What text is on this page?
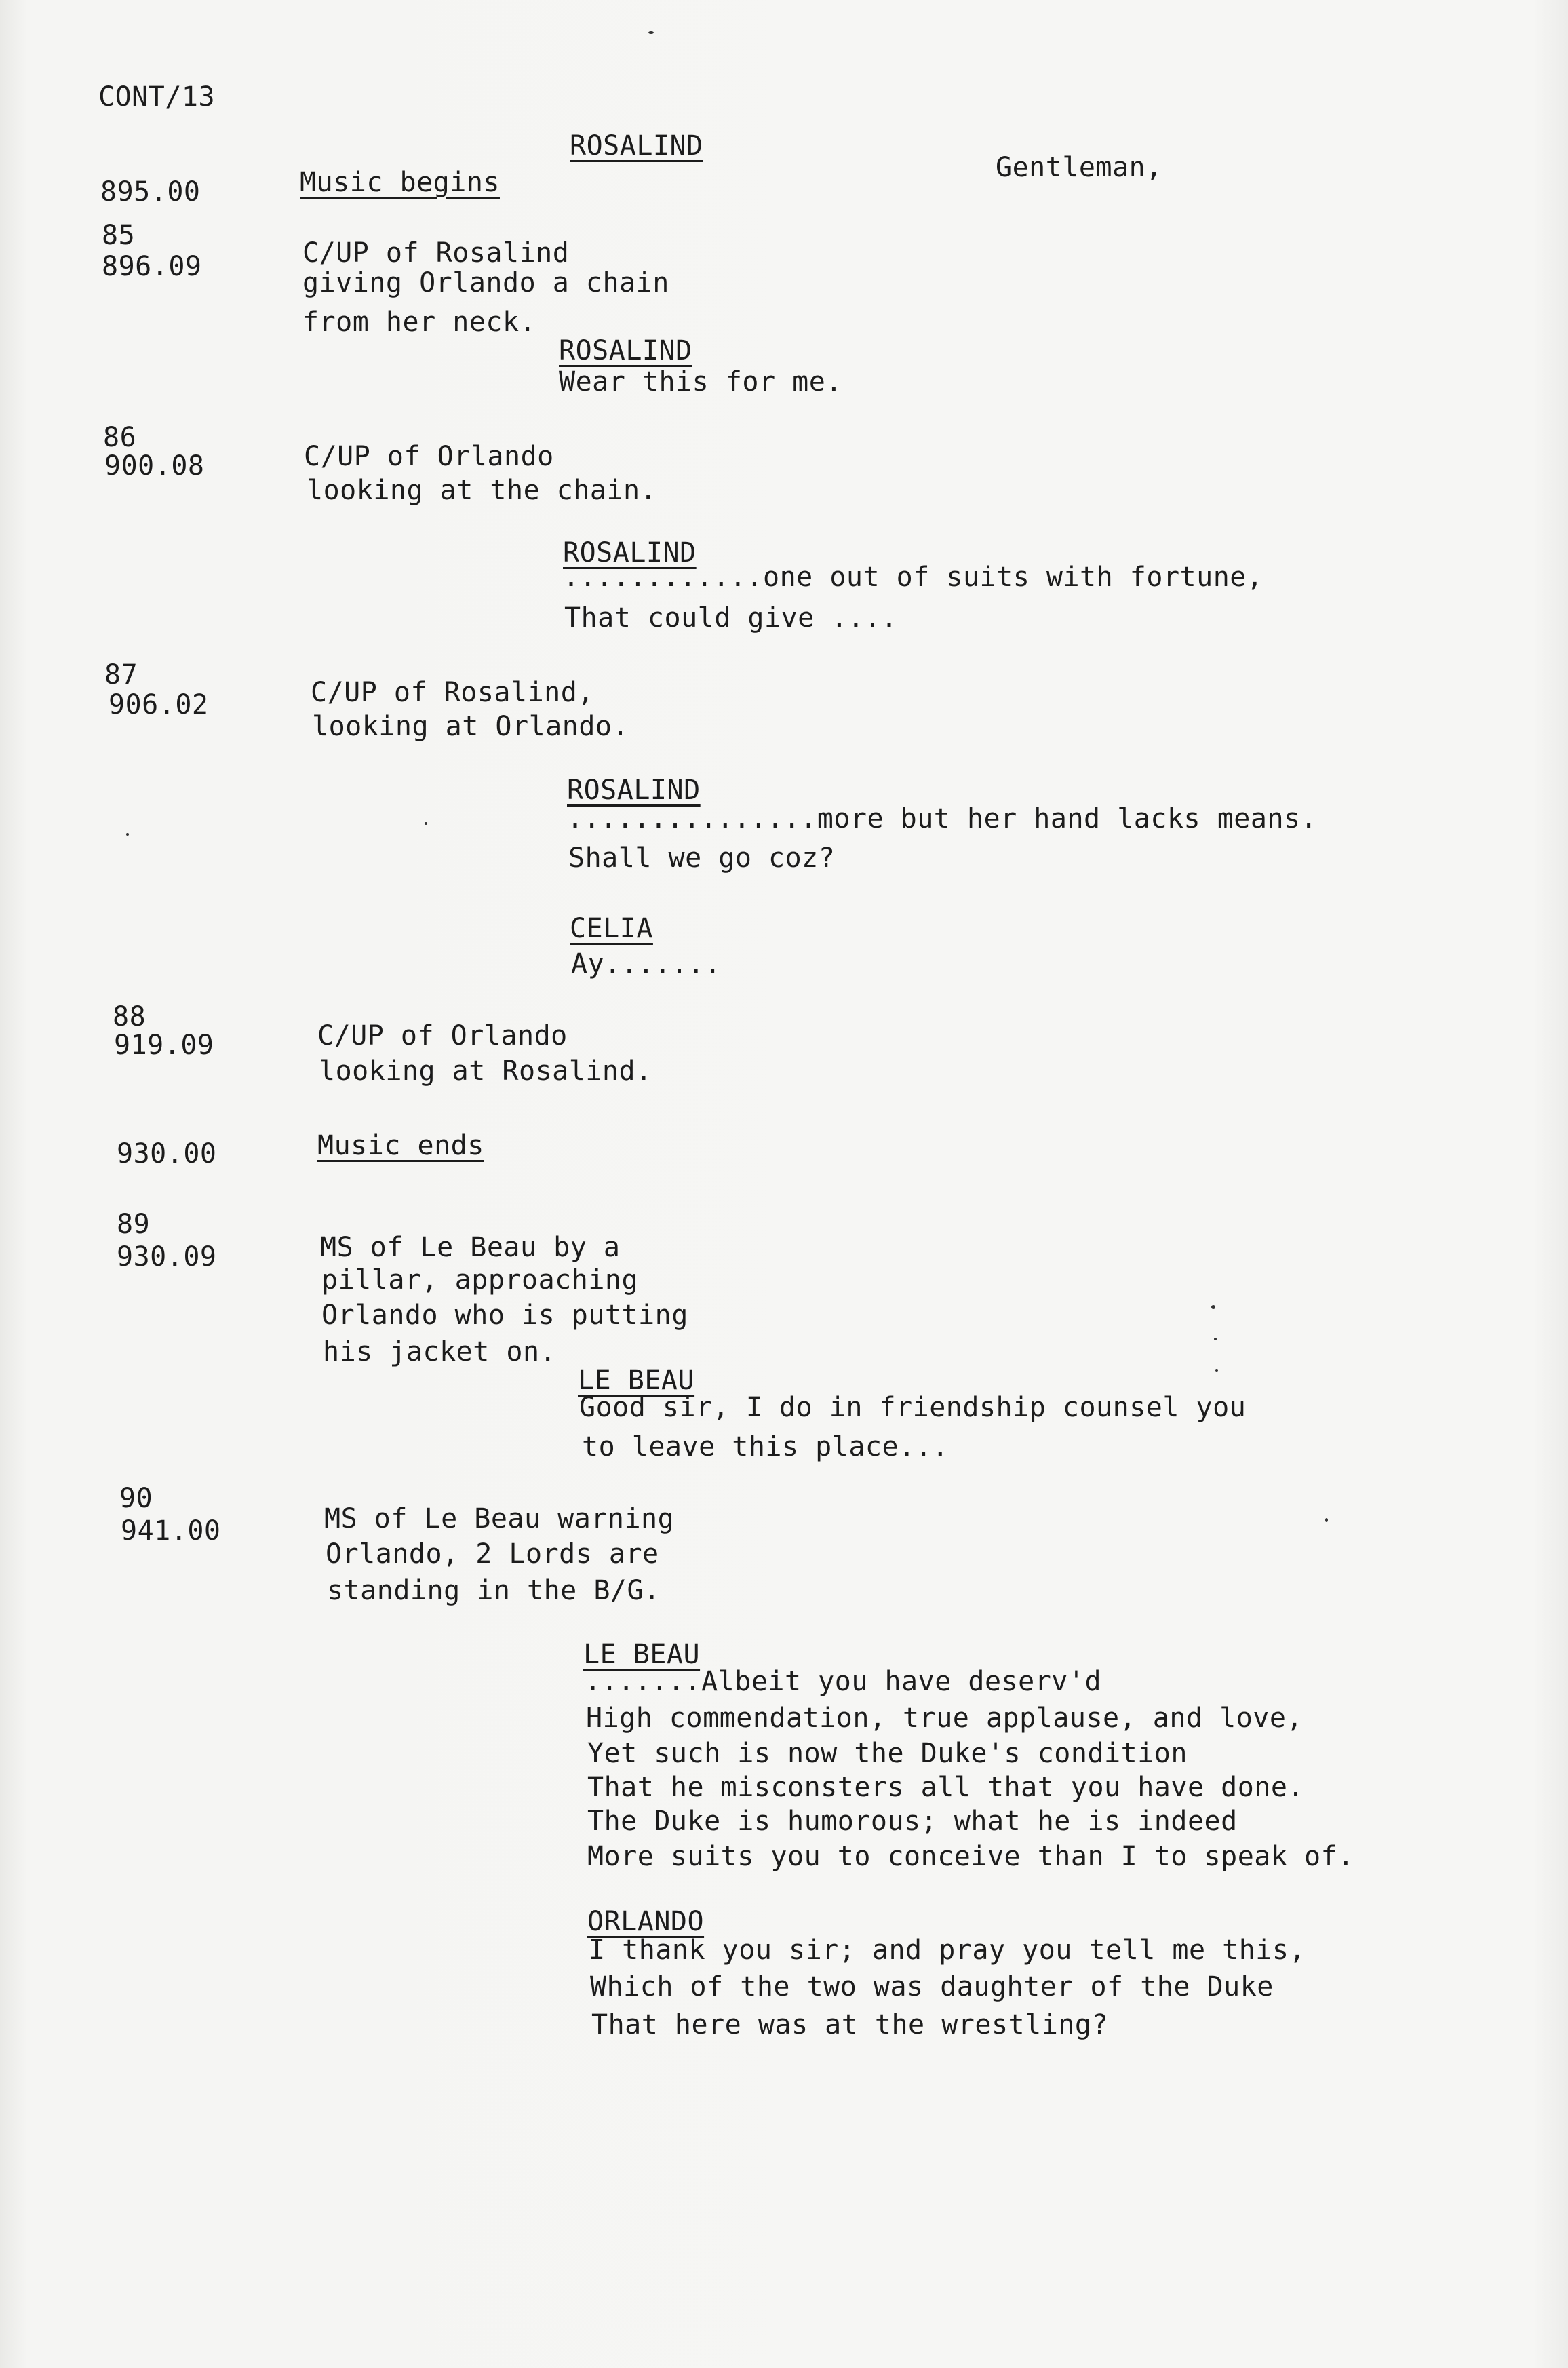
CONT/13
ROSALIND
895.00	Music begins	Gentleman,
85
896.09	C/UP of Rosalind
giving Orlando a chain
from her neck.
ROSALIND
Wear this for me.
86
900.08	C/UP of Orlando
looking at the chain.
ROSALIND
............one out of suits with fortune,
That could give ....
87
906.02	C/UP of Rosalind,
looking at Orlando.
ROSALIND
...............more but her hand lacks means.
Shall we go coz?
CELIA
Ay.......
88
919.09	C/UP of Orlando
looking at Rosalind.
930.00	Music ends
89
930.09	MS of Le Beau by a
pillar, approaching
Orlando who is putting
his jacket on.
LE BEAU
Good sir, I do in friendship counsel you
to leave this place...
90
941.00	MS of Le Beau warning
Orlando, 2 Lords are
standing in the B/G.
LE BEAU
.......Albeit you have deserv'd
High commendation, true applause, and love,
Yet such is now the Duke's condition
That he misconsters all that you have done.
The Duke is humorous; what he is indeed
More suits you to conceive than I to speak of.
ORLANDO
I thank you sir; and pray you tell me this,
Which of the two was daughter of the Duke
That here was at the wrestling?
